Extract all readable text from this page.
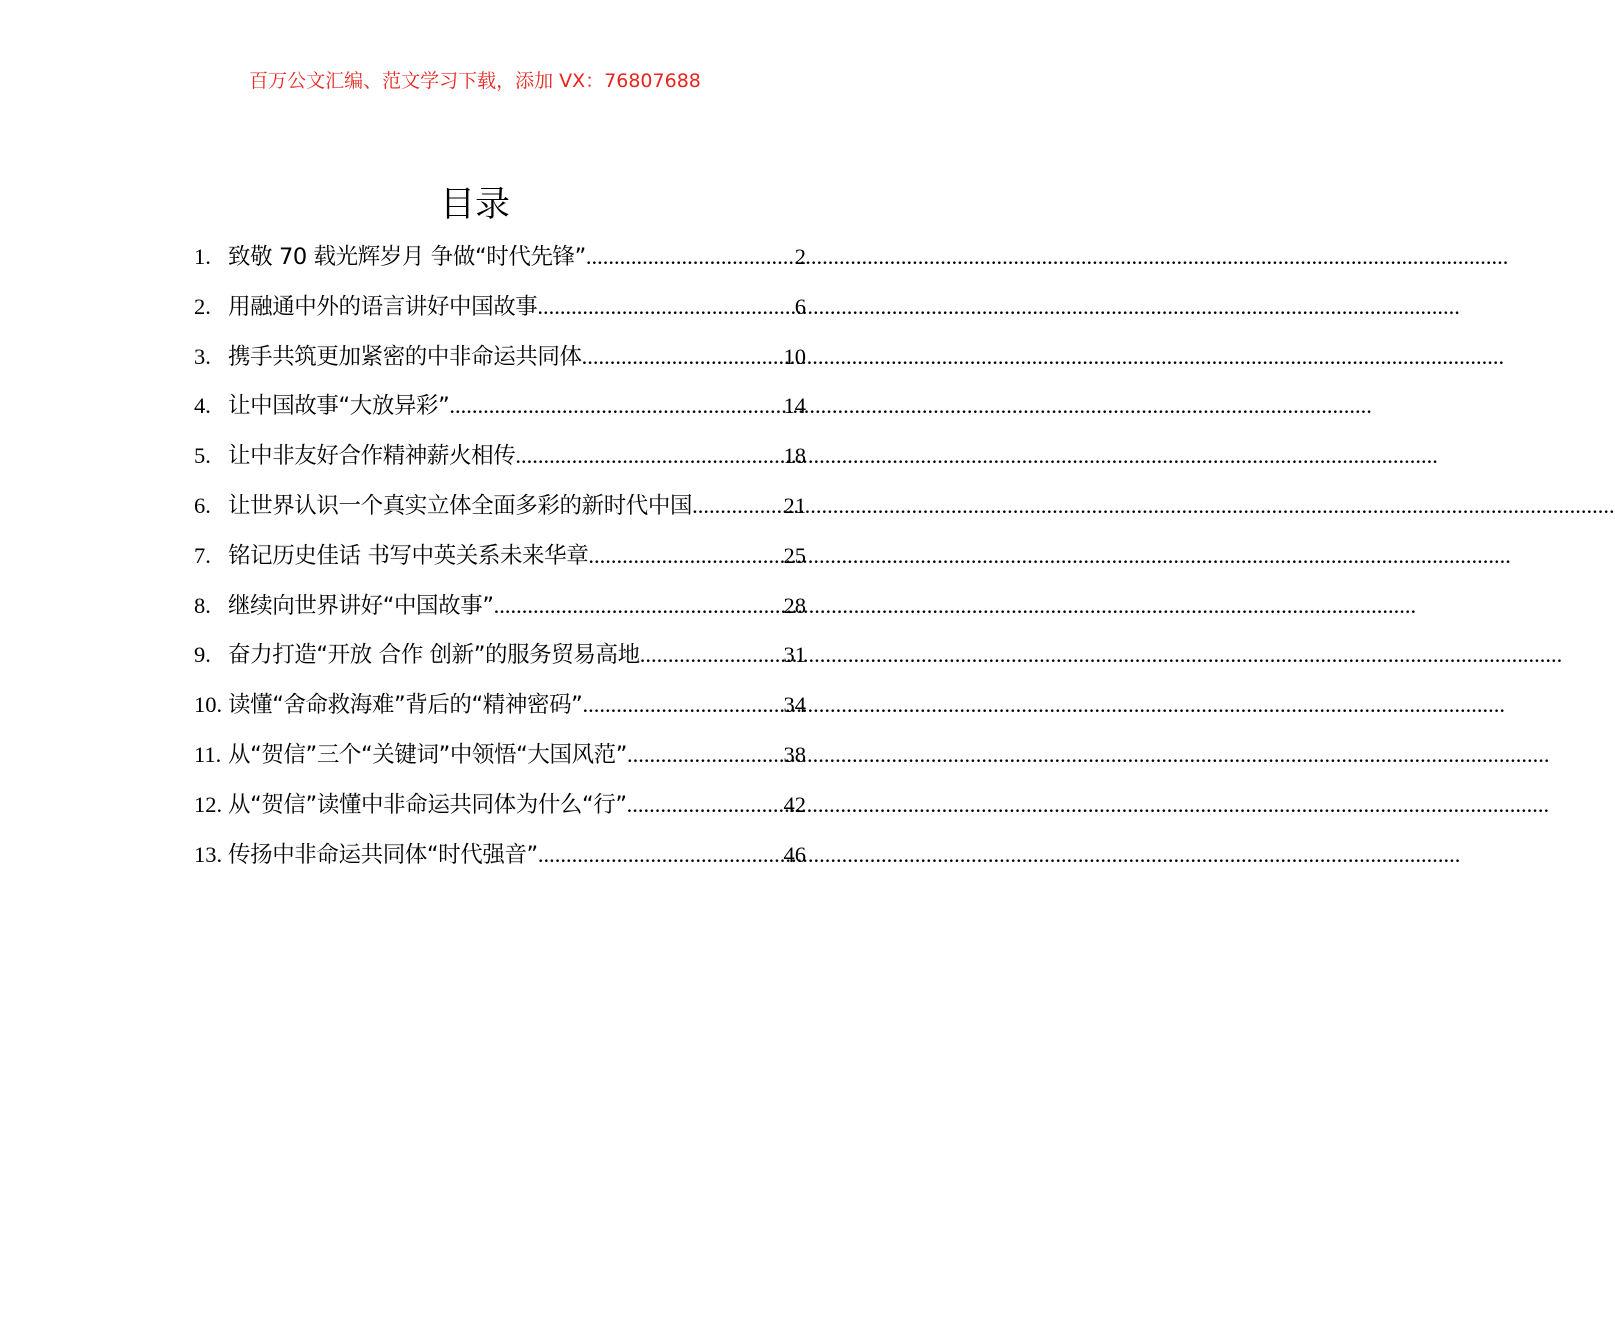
百万公文汇编、范文学习下载，添加 VX：76807688
目录
1. 致敬 70 载光辉岁月 争做“时代先锋” .....	2
2. 用融通中外的语言讲好中国故事 .....	6
3. 携手共筑更加紧密的中非命运共同体 .....	10
4. 让中国故事“大放异彩” .....	14
5. 让中非友好合作精神薪火相传 .....	18
6. 让世界认识一个真实立体全面多彩的新时代中国 .....	21
7. 铭记历史佳话 书写中英关系未来华章 .....	25
8. 继续向世界讲好“中国故事” .....	28
9. 奋力打造“开放 合作 创新”的服务贸易高地 .....	31
10. 读懂“舍命救海难”背后的“精神密码” .....	34
11. 从“贺信”三个“关键词”中领悟“大国风范” .....	38
12. 从“贺信”读懂中非命运共同体为什么“行” .....	42
13. 传扬中非命运共同体“时代强音” .....	46
